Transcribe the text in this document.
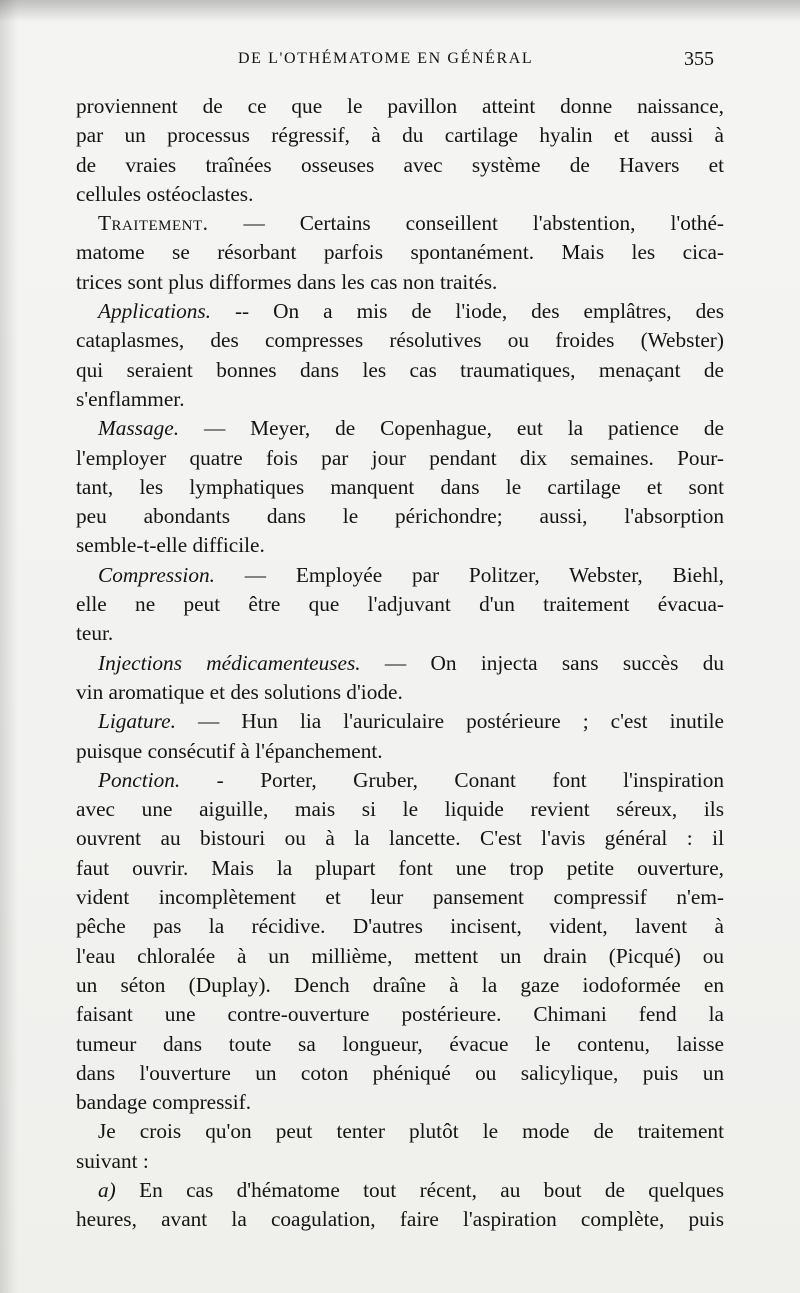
DE L'OTHÉMATOME EN GÉNÉRAL	355
proviennent de ce que le pavillon atteint donne naissance,
par un processus régressif, à du cartilage hyalin et aussi à
de vraies traînées osseuses avec système de Havers et
cellules ostéoclastes.
Traitement. — Certains conseillent l'abstention, l'othé-
matome se résorbant parfois spontanément. Mais les cica-
trices sont plus difformes dans les cas non traités.
Applications. -- On a mis de l'iode, des emplâtres, des
cataplasmes, des compresses résolutives ou froides (Webster)
qui seraient bonnes dans les cas traumatiques, menaçant de
s'enflammer.
Massage. — Meyer, de Copenhague, eut la patience de
l'employer quatre fois par jour pendant dix semaines. Pour-
tant, les lymphatiques manquent dans le cartilage et sont
peu abondants dans le périchondre; aussi, l'absorption
semble-t-elle difficile.
Compression. — Employée par Politzer, Webster, Biehl,
elle ne peut être que l'adjuvant d'un traitement évacua-
teur.
Injections médicamenteuses. — On injecta sans succès du
vin aromatique et des solutions d'iode.
Ligature. — Hun lia l'auriculaire postérieure ; c'est inutile
puisque consécutif à l'épanchement.
Ponction. - Porter, Gruber, Conant font l'inspiration
avec une aiguille, mais si le liquide revient séreux, ils
ouvrent au bistouri ou à la lancette. C'est l'avis général : il
faut ouvrir. Mais la plupart font une trop petite ouverture,
vident incomplètement et leur pansement compressif n'em-
pêche pas la récidive. D'autres incisent, vident, lavent à
l'eau chloralée à un millième, mettent un drain (Picqué) ou
un séton (Duplay). Dench draîne à la gaze iodoformée en
faisant une contre-ouverture postérieure. Chimani fend la
tumeur dans toute sa longueur, évacue le contenu, laisse
dans l'ouverture un coton phéniqué ou salicylique, puis un
bandage compressif.
Je crois qu'on peut tenter plutôt le mode de traitement
suivant :
a) En cas d'hématome tout récent, au bout de quelques
heures, avant la coagulation, faire l'aspiration complète, puis
